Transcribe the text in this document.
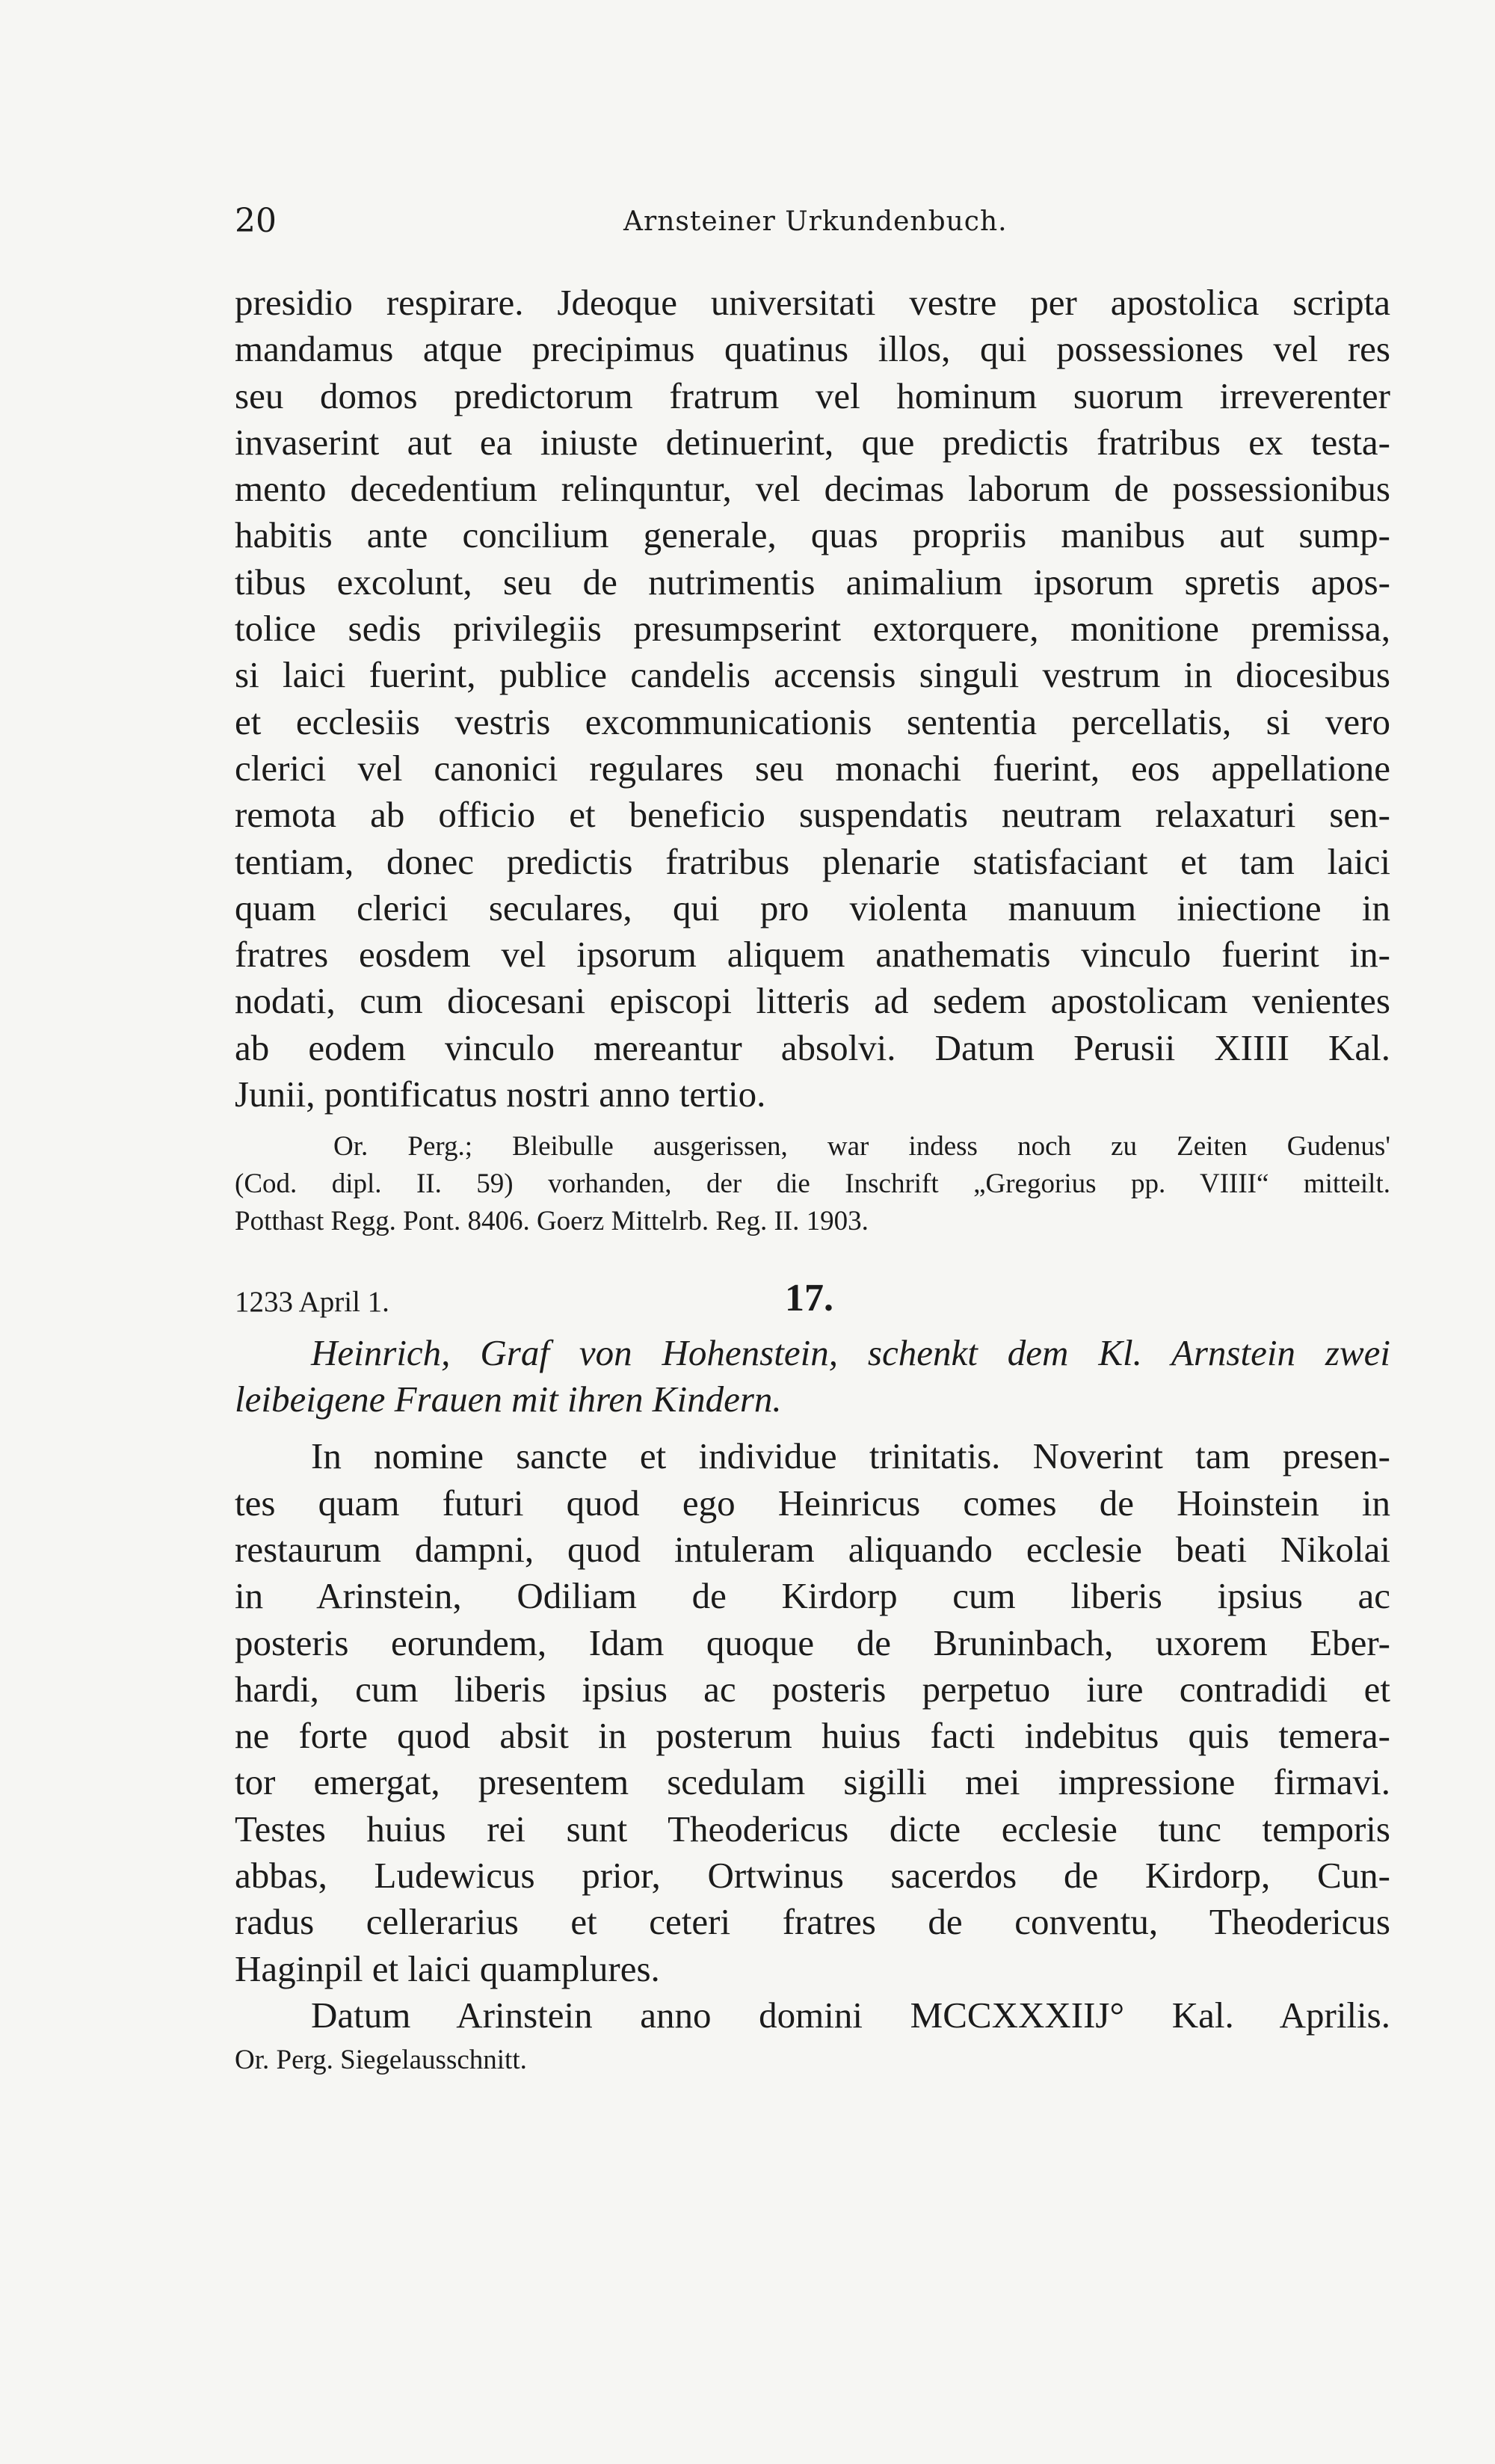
20	Arnsteiner Urkundenbuch.
presidio respirare. Jdeoque universitati vestre per apostolica scripta
mandamus atque precipimus quatinus illos, qui possessiones vel res
seu domos predictorum fratrum vel hominum suorum irreverenter
invaserint aut ea iniuste detinuerint, que predictis fratribus ex testa-
mento decedentium relinquntur, vel decimas laborum de possessionibus
habitis ante concilium generale, quas propriis manibus aut sump-
tibus excolunt, seu de nutrimentis animalium ipsorum spretis apos-
tolice sedis privilegiis presumpserint extorquere, monitione premissa,
si laici fuerint, publice candelis accensis singuli vestrum in diocesibus
et ecclesiis vestris excommunicationis sententia percellatis, si vero
clerici vel canonici regulares seu monachi fuerint, eos appellatione
remota ab officio et beneficio suspendatis neutram relaxaturi sen-
tentiam, donec predictis fratribus plenarie statisfaciant et tam laici
quam clerici seculares, qui pro violenta manuum iniectione in
fratres eosdem vel ipsorum aliquem anathematis vinculo fuerint in-
nodati, cum diocesani episcopi litteris ad sedem apostolicam venientes
ab eodem vinculo mereantur absolvi. Datum Perusii XIIII Kal.
Junii, pontificatus nostri anno tertio.
Or. Perg.; Bleibulle ausgerissen, war indess noch zu Zeiten Gudenus'
(Cod. dipl. II. 59) vorhanden, der die Inschrift „Gregorius pp. VIIII“ mitteilt.
Potthast Regg. Pont. 8406. Goerz Mittelrb. Reg. II. 1903.
1233 April 1.	17.
Heinrich, Graf von Hohenstein, schenkt dem Kl. Arnstein zwei
leibeigene Frauen mit ihren Kindern.
In nomine sancte et individue trinitatis. Noverint tam presen-
tes quam futuri quod ego Heinricus comes de Hoinstein in
restaurum dampni, quod intuleram aliquando ecclesie beati Nikolai
in Arinstein, Odiliam de Kirdorp cum liberis ipsius ac
posteris eorundem, Idam quoque de Bruninbach, uxorem Eber-
hardi, cum liberis ipsius ac posteris perpetuo iure contradidi et
ne forte quod absit in posterum huius facti indebitus quis temera-
tor emergat, presentem scedulam sigilli mei impressione firmavi.
Testes huius rei sunt Theodericus dicte ecclesie tunc temporis
abbas, Ludewicus prior, Ortwinus sacerdos de Kirdorp, Cun-
radus cellerarius et ceteri fratres de conventu, Theodericus
Haginpil et laici quamplures.
Datum Arinstein anno domini MCCXXXIIJ° Kal. Aprilis.
Or. Perg. Siegelausschnitt.
